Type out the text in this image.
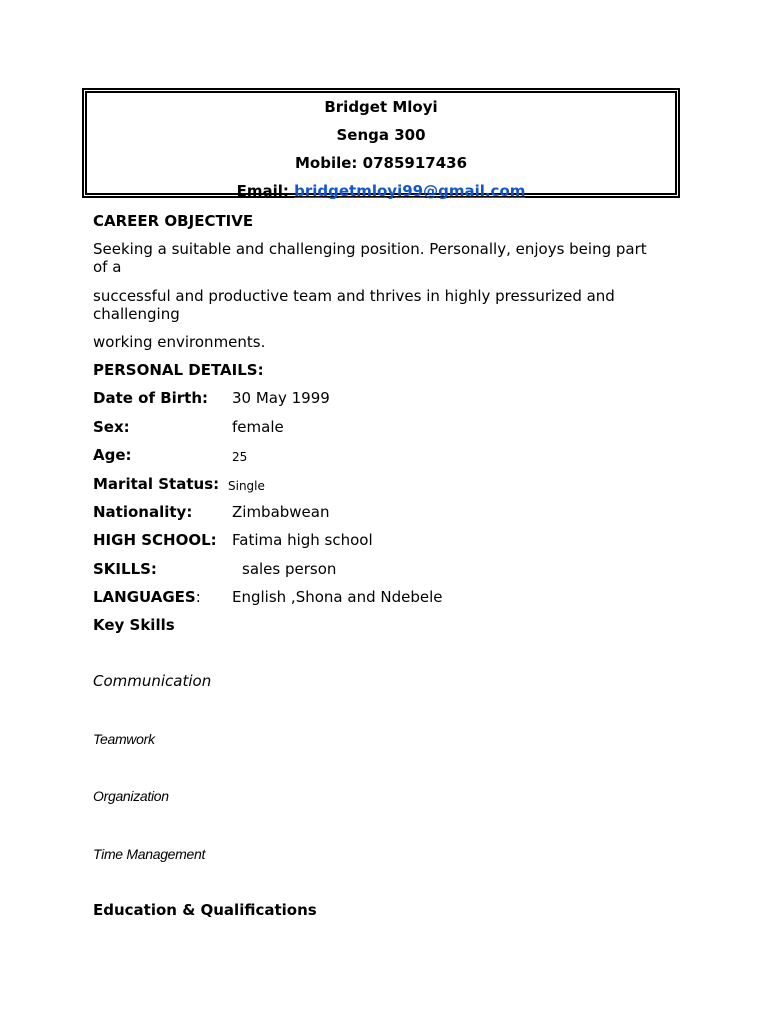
Bridget Mloyi
Senga 300
Mobile: 0785917436
Email: bridgetmloyi99@gmail.com
CAREER OBJECTIVE
Seeking a suitable and challenging position. Personally, enjoys being part
of a
successful and productive team and thrives in highly pressurized and
challenging
working environments.
PERSONAL DETAILS:
Date of Birth: 30 May 1999
Sex:	female
Age:	25
Marital Status: Single
Nationality:	Zimbabwean
HIGH SCHOOL: Fatima high school
SKILLS:	sales person
LANGUAGES: English ,Shona and Ndebele
Key Skills
Communication
Teamwork
Organization
Time Management
Education & Qualifications
